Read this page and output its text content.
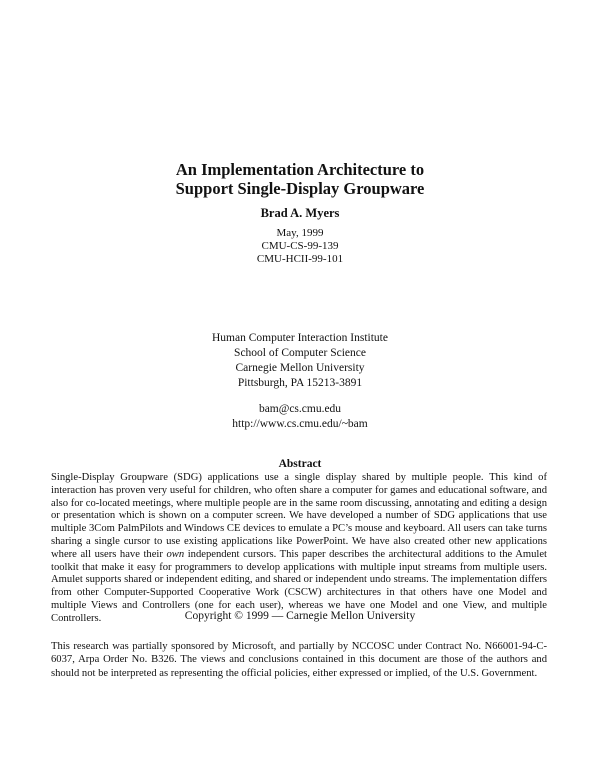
An Implementation Architecture to
Support Single-Display Groupware
Brad A. Myers
May, 1999
CMU-CS-99-139
CMU-HCII-99-101
Human Computer Interaction Institute
School of Computer Science
Carnegie Mellon University
Pittsburgh, PA 15213-3891
bam@cs.cmu.edu
http://www.cs.cmu.edu/~bam
Abstract
Single-Display Groupware (SDG) applications use a single display shared by multiple people. This kind of interaction has proven very useful for children, who often share a computer for games and educational software, and also for co-located meetings, where multiple people are in the same room discussing, annotating and editing a design or presentation which is shown on a computer screen. We have developed a number of SDG applications that use multiple 3Com PalmPilots and Windows CE devices to emulate a PC’s mouse and keyboard. All users can take turns sharing a single cursor to use existing applications like PowerPoint. We have also created other new applications where all users have their own independent cursors. This paper describes the architectural additions to the Amulet toolkit that make it easy for programmers to develop applications with multiple input streams from multiple users. Amulet supports shared or independent editing, and shared or independent undo streams. The implementation differs from other Computer-Supported Cooperative Work (CSCW) architectures in that others have one Model and multiple Views and Controllers (one for each user), whereas we have one Model and one View, and multiple Controllers.	Copyright © 1999 — Carnegie Mellon University
This research was partially sponsored by Microsoft, and partially by NCCOSC under Contract No. N66001-94-C-6037, Arpa Order No. B326. The views and conclusions contained in this document are those of the authors and should not be interpreted as representing the official policies, either expressed or implied, of the U.S. Government.
